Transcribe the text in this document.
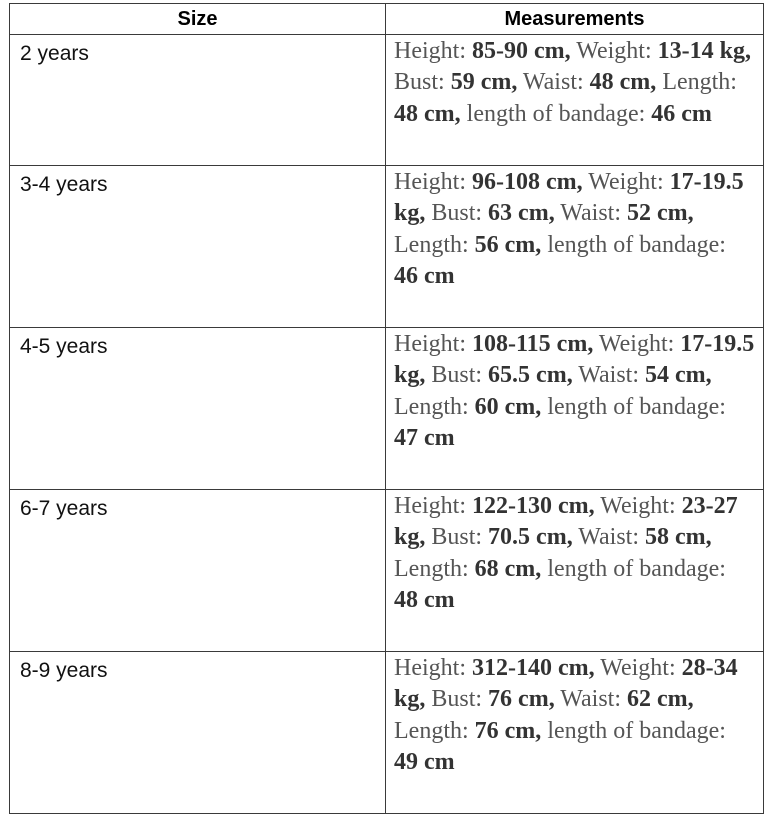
Size	Measurements
2 years	Height: 85-90 cm, Weight: 13-14 kg, Bust: 59 cm, Waist: 48 cm, Length: 48 cm, length of bandage: 46 cm
3-4 years	Height: 96-108 cm, Weight: 17-19.5 kg, Bust: 63 cm, Waist: 52 cm, Length: 56 cm, length of bandage: 46 cm
4-5 years	Height: 108-115 cm, Weight: 17-19.5 kg, Bust: 65.5 cm, Waist: 54 cm, Length: 60 cm, length of bandage: 47 cm
6-7 years	Height: 122-130 cm, Weight: 23-27 kg, Bust: 70.5 cm, Waist: 58 cm, Length: 68 cm, length of bandage: 48 cm
8-9 years	Height: 312-140 cm, Weight: 28-34 kg, Bust: 76 cm, Waist: 62 cm, Length: 76 cm, length of bandage: 49 cm
